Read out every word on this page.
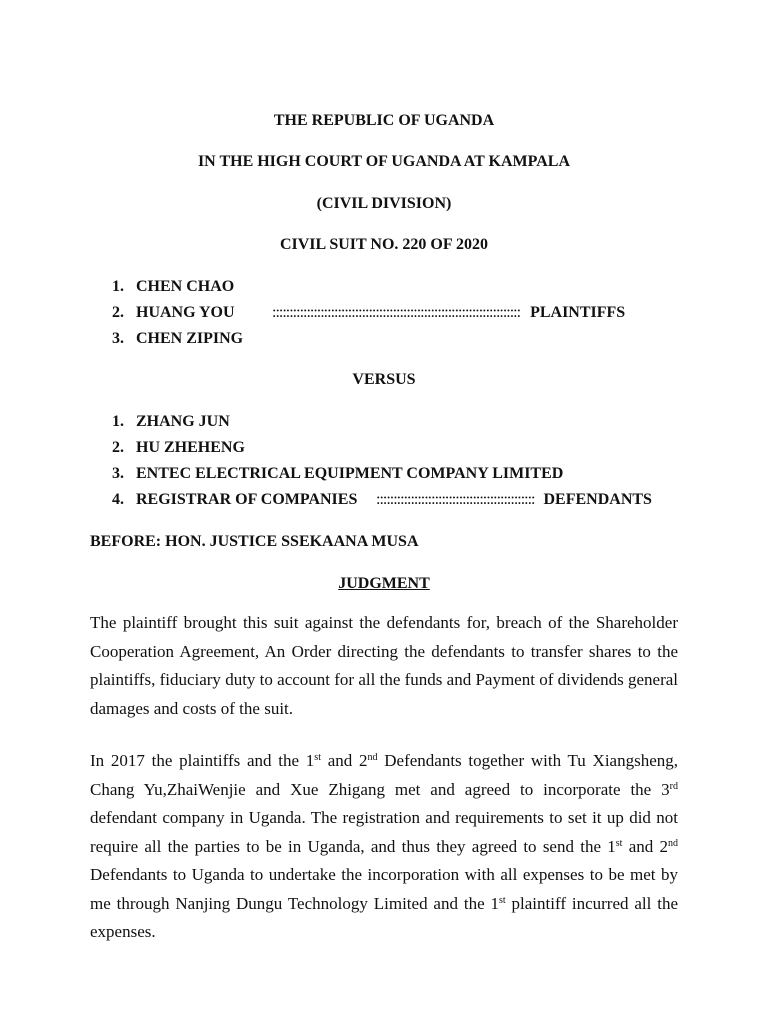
THE REPUBLIC OF UGANDA
IN THE HIGH COURT OF UGANDA AT KAMPALA
(CIVIL DIVISION)
CIVIL SUIT NO. 220 OF 2020
1. CHEN CHAO
2. HUANG YOU :::::::::::::::::::::::::::::::::::::::::::::::::::::::::::::::::::::::: PLAINTIFFS
3. CHEN ZIPING
VERSUS
1. ZHANG JUN
2. HU ZHEHENG
3. ENTEC ELECTRICAL EQUIPMENT COMPANY LIMITED
4. REGISTRAR OF COMPANIES :::::::::::::::::::::::::::::::::::::::::::::: DEFENDANTS
BEFORE: HON. JUSTICE SSEKAANA MUSA
JUDGMENT

The plaintiff brought this suit against the defendants for, breach of the Shareholder Cooperation Agreement, An Order directing the defendants to transfer shares to the plaintiffs, fiduciary duty to account for all the funds and Payment of dividends general damages and costs of the suit.

In 2017 the plaintiffs and the 1st and 2nd Defendants together with Tu Xiangsheng, Chang Yu,ZhaiWenjie and Xue Zhigang met and agreed to incorporate the 3rd defendant company in Uganda. The registration and requirements to set it up did not require all the parties to be in Uganda, and thus they agreed to send the 1st and 2nd Defendants to Uganda to undertake the incorporation with all expenses to be met by me through Nanjing Dungu Technology Limited and the 1st plaintiff incurred all the expenses.
